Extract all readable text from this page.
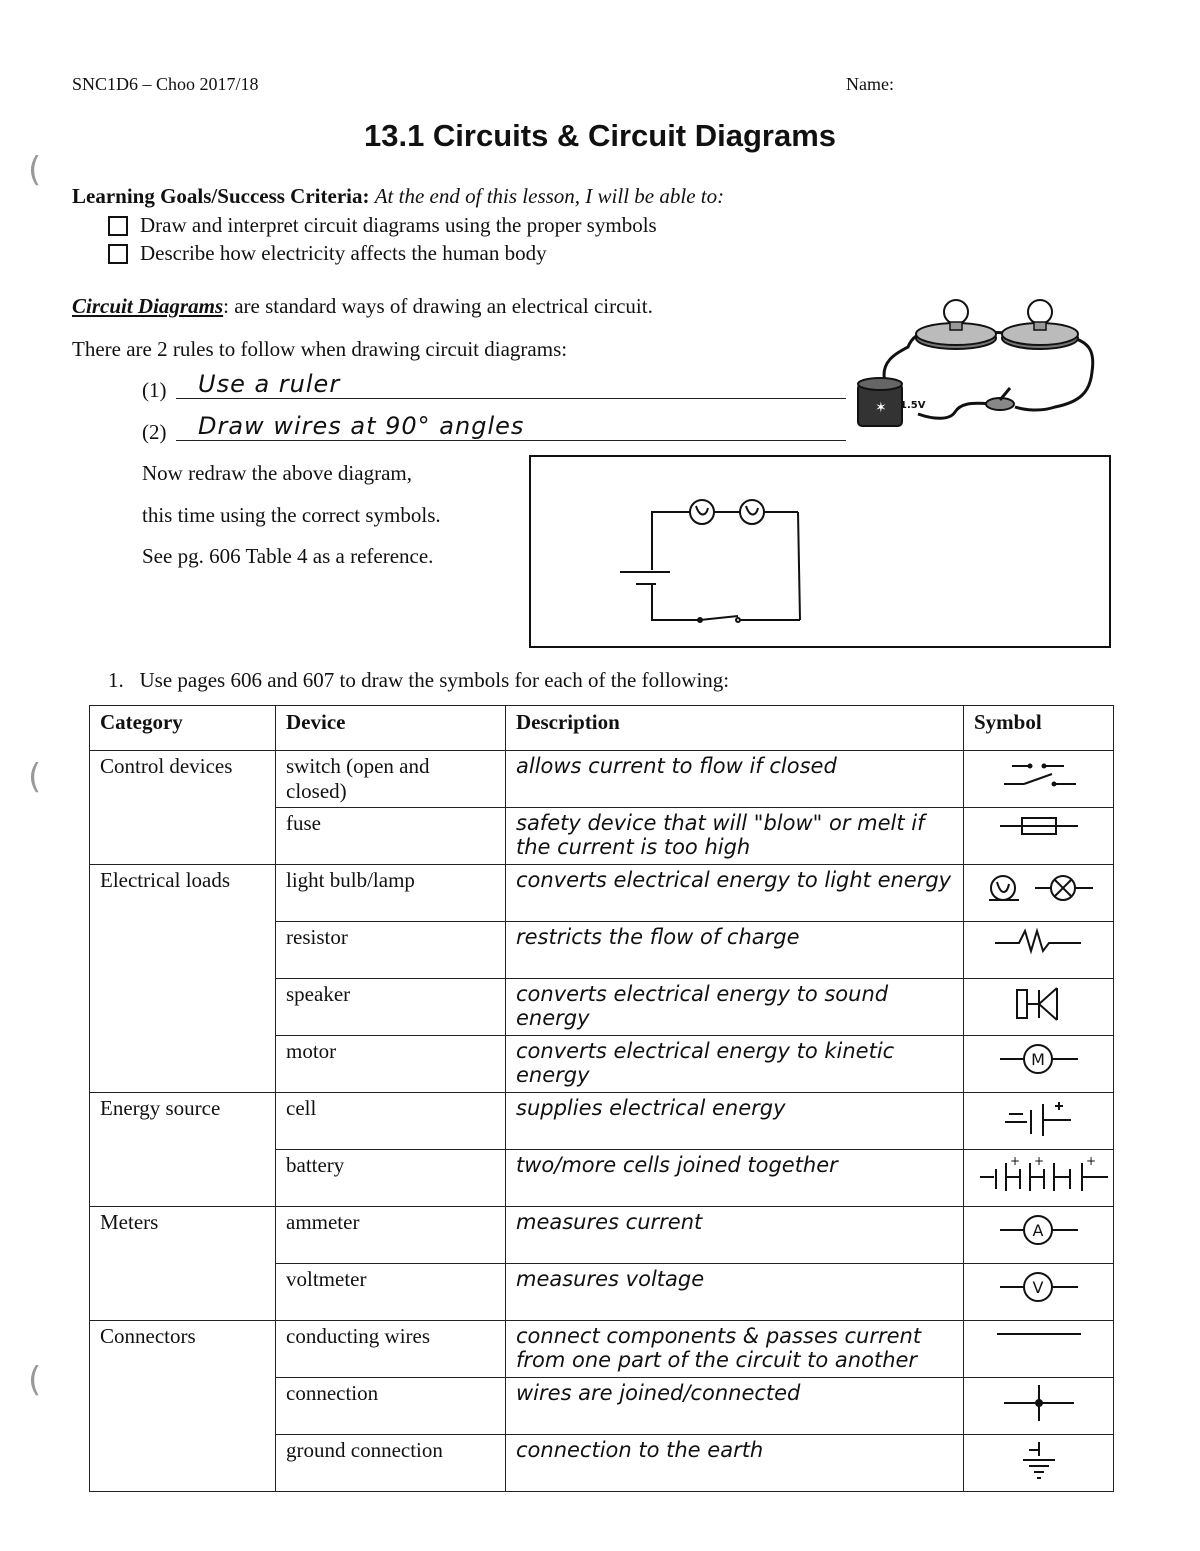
SNC1D6 – Choo 2017/18	Name:
13.1 Circuits & Circuit Diagrams
(
(
(
Learning Goals/Success Criteria: At the end of this lesson, I will be able to:
Draw and interpret circuit diagrams using the proper symbols
Describe how electricity affects the human body
Circuit Diagrams: are standard ways of drawing an electrical circuit.
✶ 1.5V
There are 2 rules to follow when drawing circuit diagrams:
(1) Use a ruler
(2) Draw wires at 90° angles
Now redraw the above diagram,
this time using the correct symbols.
See pg. 606 Table 4 as a reference.
1. Use pages 606 and 607 to draw the symbols for each of the following:
Category	Device	Description	Symbol
Control devices	switch (open and closed)	allows current to flow if closed	

	fuse	safety device that will "blow" or melt if the current is too high	

Electrical loads	light bulb/lamp	converts electrical energy to light energy	

	resistor	restricts the flow of charge	

	speaker	converts electrical energy to sound energy	

	motor	converts electrical energy to kinetic energy	M

Energy source	cell	supplies electrical energy	

	battery	two/more cells joined together	+ + +

Meters	ammeter	measures current	A

	voltmeter	measures voltage	V

Connectors	conducting wires	connect components & passes current from one part of the circuit to another	

	connection	wires are joined/connected	

	ground connection	connection to the earth	
